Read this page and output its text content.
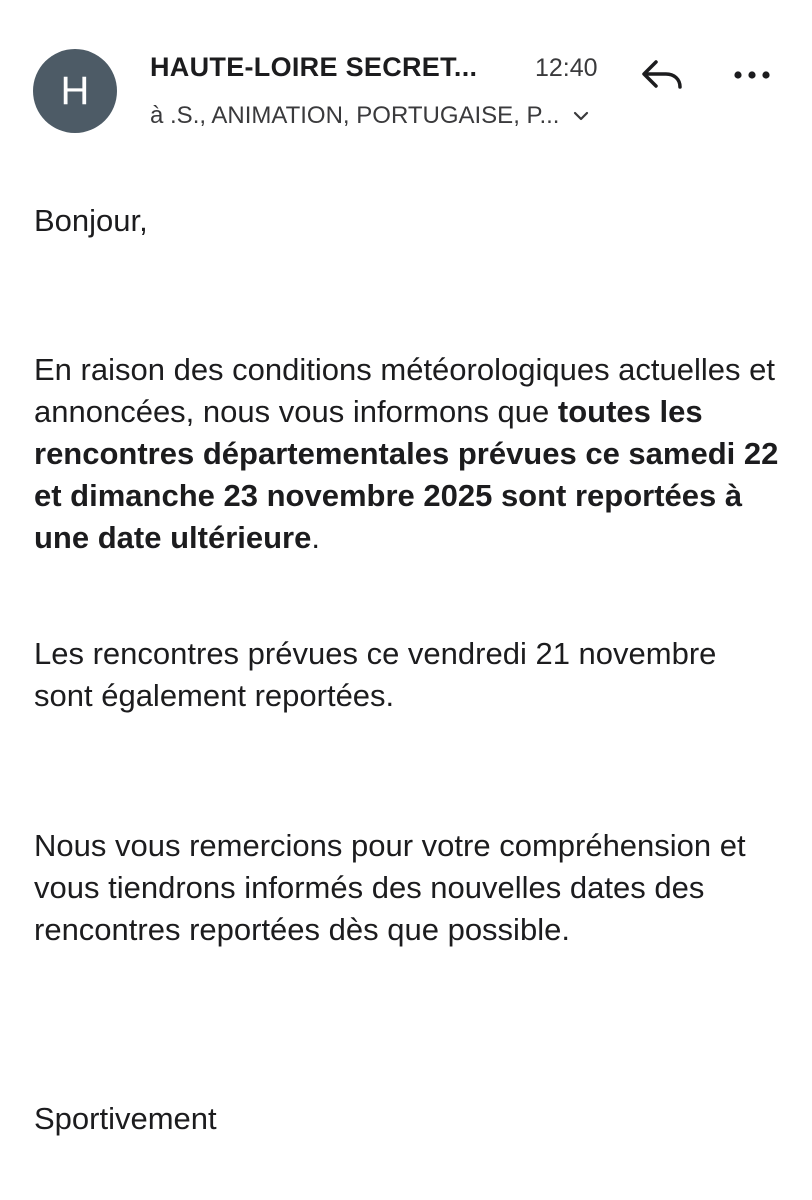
H
HAUTE-LOIRE SECRET... 12:40
à .S., ANIMATION, PORTUGAISE, P...
Bonjour,
En raison des conditions météorologiques actuelles et annoncées, nous vous informons que toutes les rencontres départementales prévues ce samedi 22 et dimanche 23 novembre 2025 sont reportées à une date ultérieure.
Les rencontres prévues ce vendredi 21 novembre sont également reportées.
Nous vous remercions pour votre compréhension et vous tiendrons informés des nouvelles dates des rencontres reportées dès que possible.
Sportivement
